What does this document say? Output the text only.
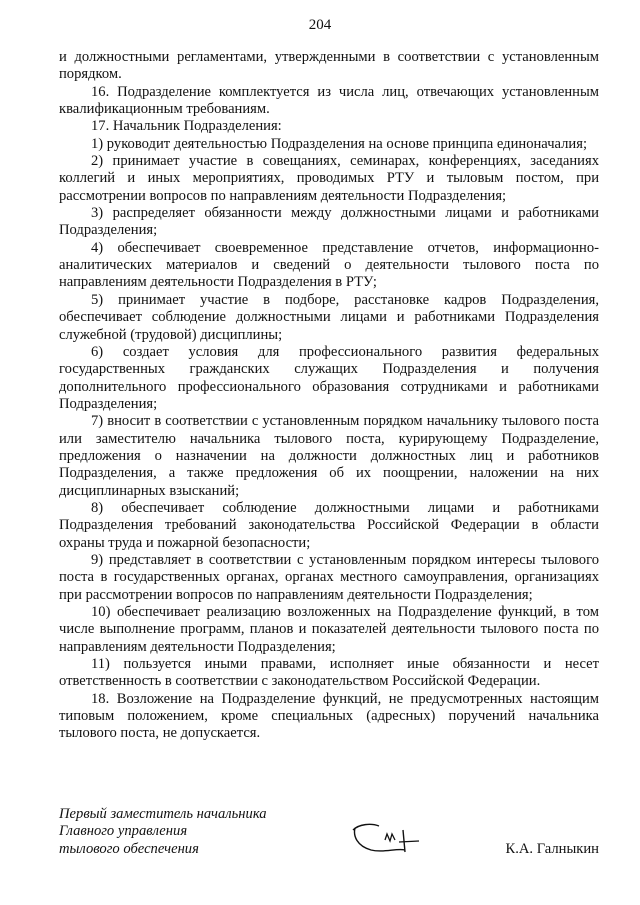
204

и должностными регламентами, утвержденными в соответствии с установленным порядком.

16. Подразделение комплектуется из числа лиц, отвечающих установленным квалификационным требованиям.

17. Начальник Подразделения:

1) руководит деятельностью Подразделения на основе принципа единоначалия;

2) принимает участие в совещаниях, семинарах, конференциях, заседаниях коллегий и иных мероприятиях, проводимых РТУ и тыловым постом, при рассмотрении вопросов по направлениям деятельности Подразделения;

3) распределяет обязанности между должностными лицами и работниками Подразделения;

4) обеспечивает своевременное представление отчетов, информационно-аналитических материалов и сведений о деятельности тылового поста по направлениям деятельности Подразделения в РТУ;

5) принимает участие в подборе, расстановке кадров Подразделения, обеспечивает соблюдение должностными лицами и работниками Подразделения служебной (трудовой) дисциплины;

6) создает условия для профессионального развития федеральных государственных гражданских служащих Подразделения и получения дополнительного профессионального образования сотрудниками и работниками Подразделения;

7) вносит в соответствии с установленным порядком начальнику тылового поста или заместителю начальника тылового поста, курирующему Подразделение, предложения о назначении на должности должностных лиц и работников Подразделения, а также предложения об их поощрении, наложении на них дисциплинарных взысканий;

8) обеспечивает соблюдение должностными лицами и работниками Подразделения требований законодательства Российской Федерации в области охраны труда и пожарной безопасности;

9) представляет в соответствии с установленным порядком интересы тылового поста в государственных органах, органах местного самоуправления, организациях при рассмотрении вопросов по направлениям деятельности Подразделения;

10) обеспечивает реализацию возложенных на Подразделение функций, в том числе выполнение программ, планов и показателей деятельности тылового поста по направлениям деятельности Подразделения;

11) пользуется иными правами, исполняет иные обязанности и несет ответственность в соответствии с законодательством Российской Федерации.

18. Возложение на Подразделение функций, не предусмотренных настоящим типовым положением, кроме специальных (адресных) поручений начальника тылового поста, не допускается.

Первый заместитель начальника
Главного управления
тылового обеспечения	К.А. Галныкин
